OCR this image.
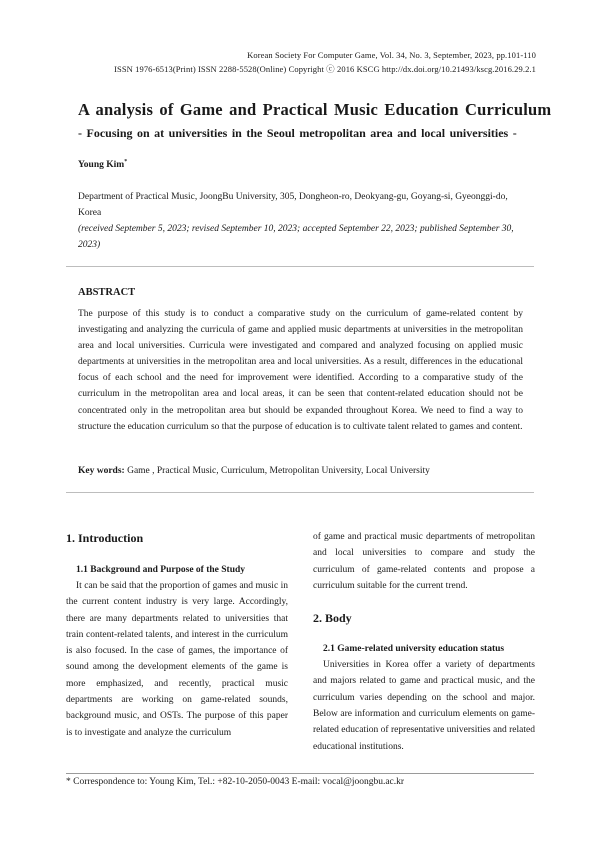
Korean Society For Computer Game, Vol. 34, No. 3, September, 2023, pp.101-110
ISSN 1976-6513(Print) ISSN 2288-5528(Online) Copyright ⓒ 2016 KSCG http://dx.doi.org/10.21493/kscg.2016.29.2.1
A analysis of Game and Practical Music Education Curriculum
- Focusing on at universities in the Seoul metropolitan area and local universities -
Young Kim*
Department of Practical Music, JoongBu University, 305, Dongheon-ro, Deokyang-gu, Goyang-si, Gyeonggi-do, Korea
(received September 5, 2023; revised September 10, 2023; accepted September 22, 2023; published September 30, 2023)
ABSTRACT
The purpose of this study is to conduct a comparative study on the curriculum of game-related content by investigating and analyzing the curricula of game and applied music departments at universities in the metropolitan area and local universities. Curricula were investigated and compared and analyzed focusing on applied music departments at universities in the metropolitan area and local universities. As a result, differences in the educational focus of each school and the need for improvement were identified. According to a comparative study of the curriculum in the metropolitan area and local areas, it can be seen that content-related education should not be concentrated only in the metropolitan area but should be expanded throughout Korea. We need to find a way to structure the education curriculum so that the purpose of education is to cultivate talent related to games and content.
Key words: Game , Practical Music, Curriculum, Metropolitan University, Local University
1. Introduction
1.1 Background and Purpose of the Study

It can be said that the proportion of games and music in the current content industry is very large. Accordingly, there are many departments related to universities that train content-related talents, and interest in the curriculum is also focused. In the case of games, the importance of sound among the development elements of the game is more emphasized, and recently, practical music departments are working on game-related sounds, background music, and OSTs. The purpose of this paper is to investigate and analyze the curriculum

of game and practical music departments of metropolitan and local universities to compare and study the curriculum of game-related contents and propose a curriculum suitable for the current trend.

2. Body
2.1 Game-related university education status

Universities in Korea offer a variety of departments and majors related to game and practical music, and the curriculum varies depending on the school and major. Below are information and curriculum elements on game-related education of representative universities and related educational institutions.

* Correspondence to: Young Kim, Tel.: +82-10-2050-0043 E-mail: vocal@joongbu.ac.kr
